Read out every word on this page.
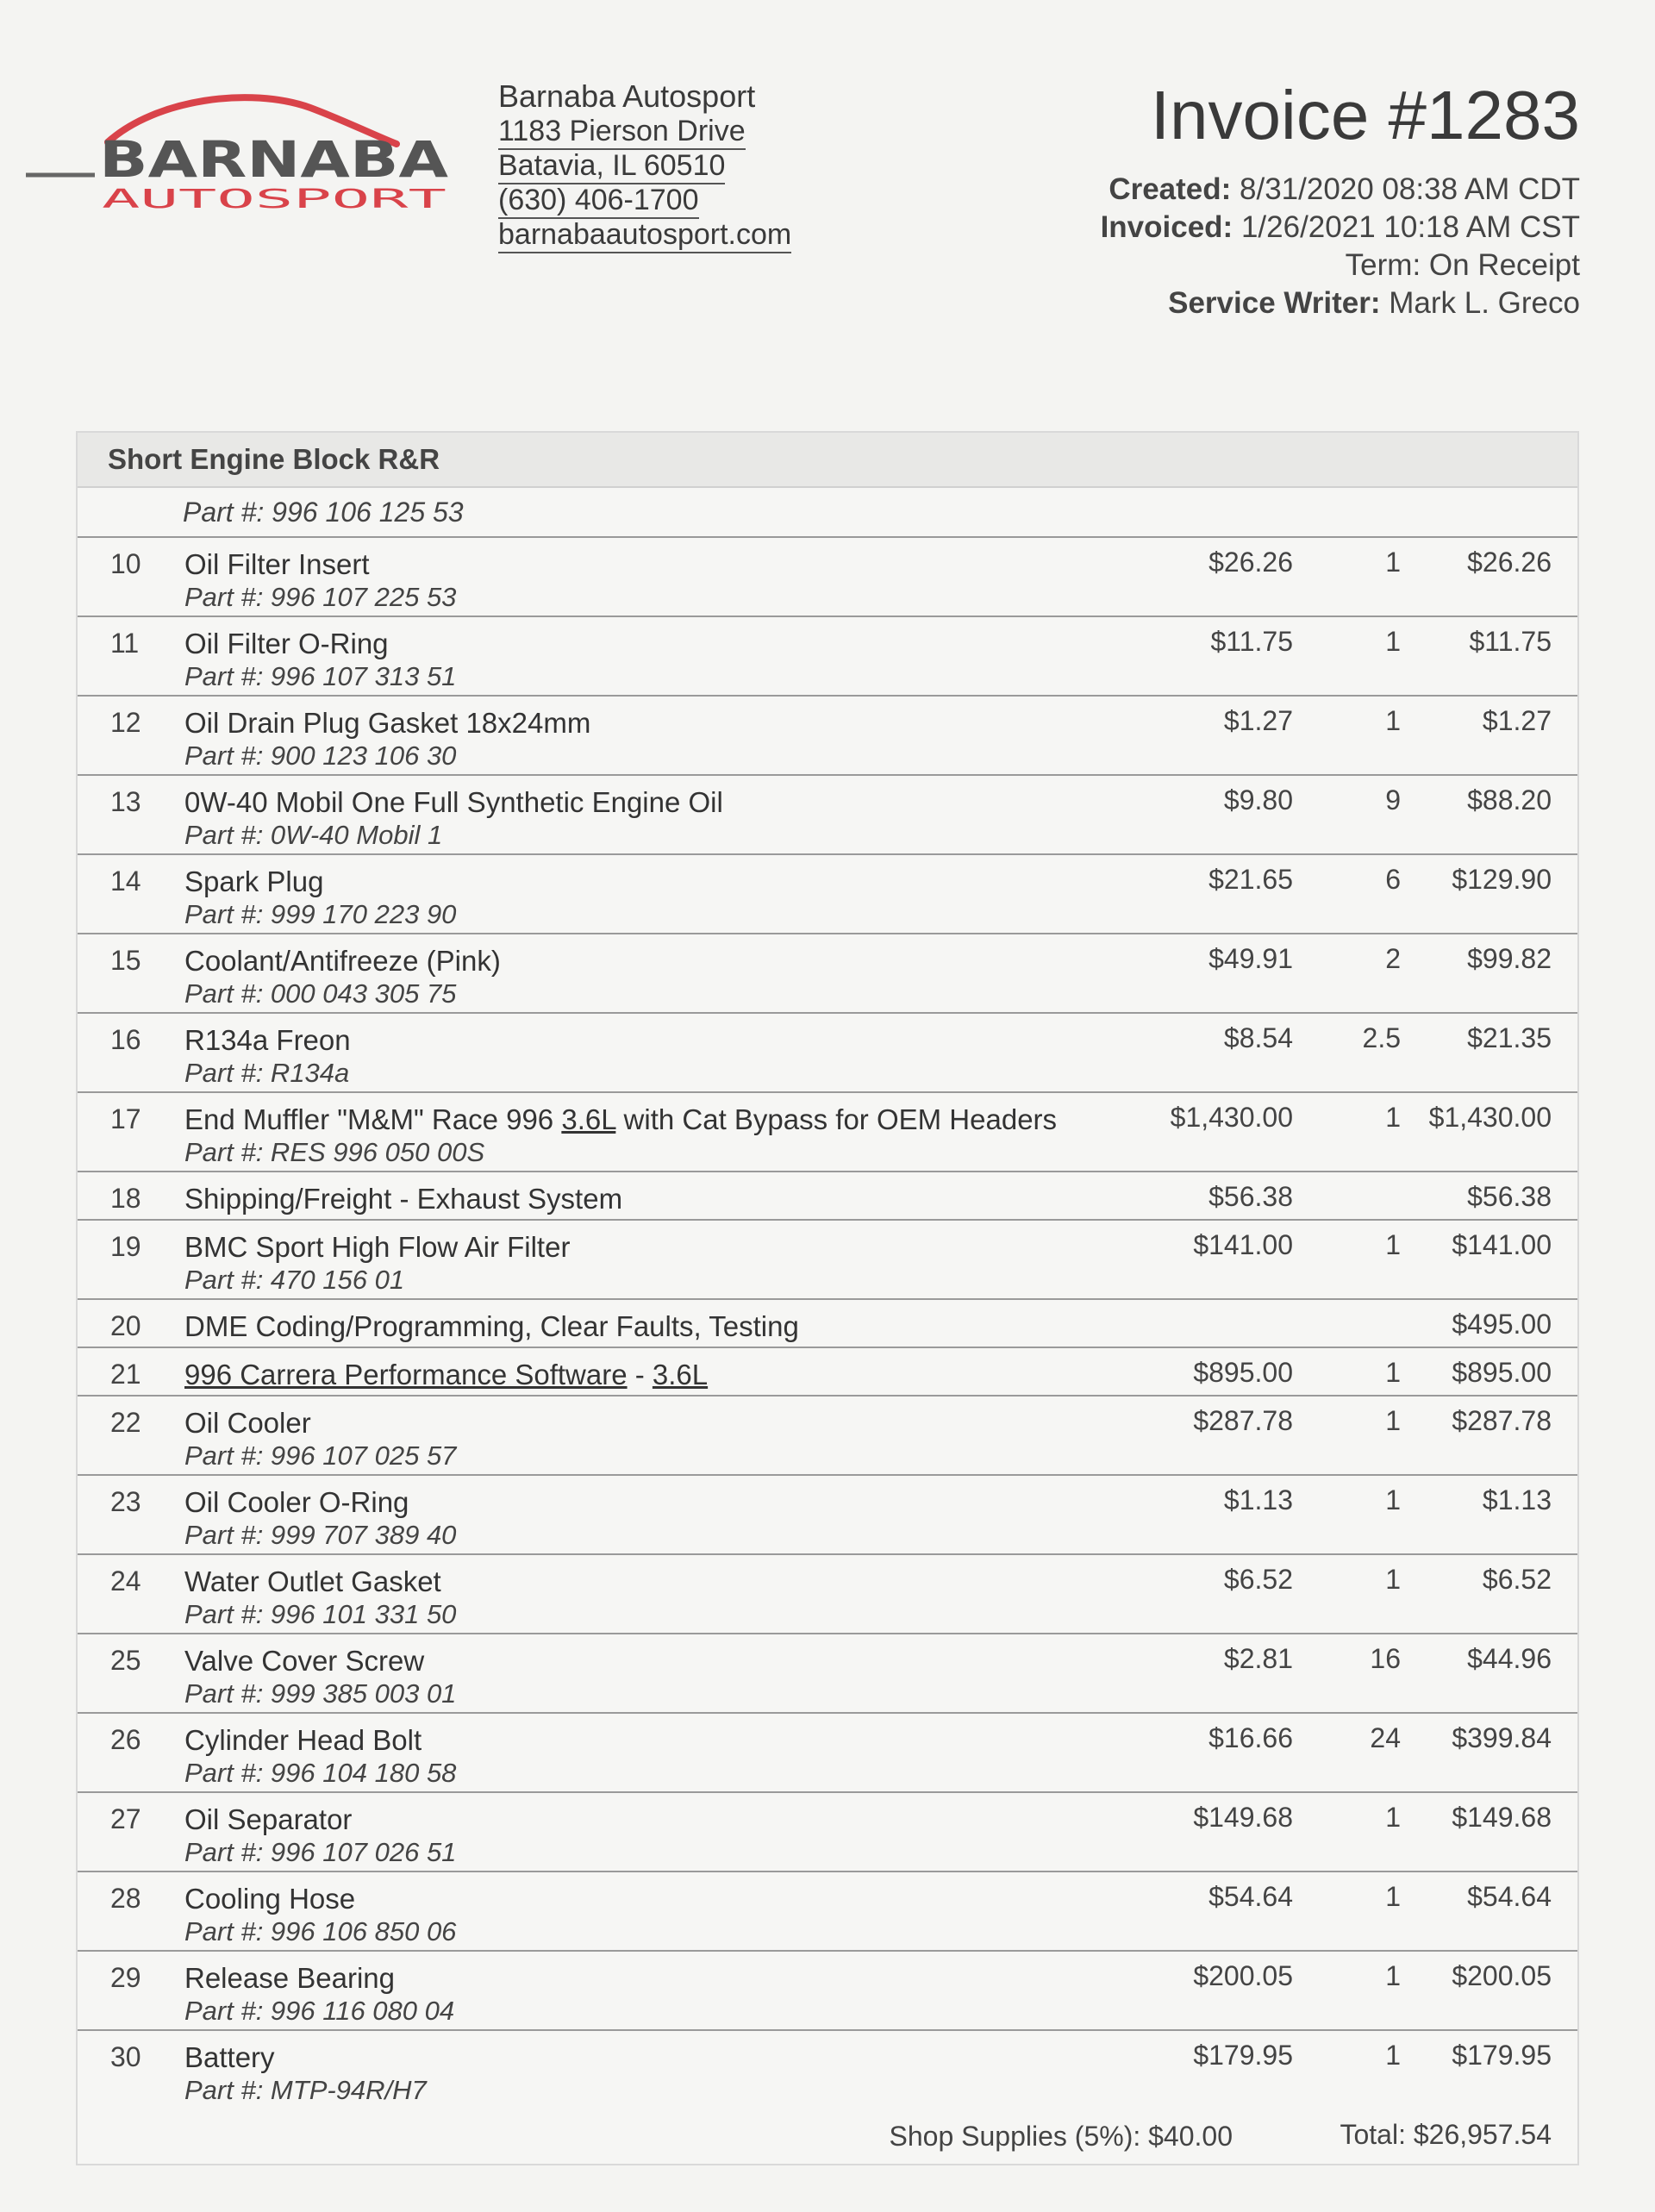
BARNABA
AUTOSPORT
Barnaba Autosport
1183 Pierson Drive
Batavia, IL 60510
(630) 406-1700
barnabaautosport.com
Invoice #1283
Created: 8/31/2020 08:38 AM CDT
Invoiced: 1/26/2021 10:18 AM CST
Term: On Receipt
Service Writer: Mark L. Greco
Short Engine Block R&R
Part #: 996 106 125 53
10 Oil Filter Insert
Part #: 996 107 225 53
$26.26	1 $26.26
11 Oil Filter O-Ring
Part #: 996 107 313 51
$11.75	1 $11.75
12 Oil Drain Plug Gasket 18x24mm
Part #: 900 123 106 30
$1.27	1	$1.27
13 0W-40 Mobil One Full Synthetic Engine Oil
Part #: 0W-40 Mobil 1
$9.80	9 $88.20
14 Spark Plug
Part #: 999 170 223 90
$21.65	6 $129.90
15 Coolant/Antifreeze (Pink)
Part #: 000 043 305 75
$49.91	2 $99.82
16 R134a Freon
Part #: R134a
$8.54	2.5 $21.35
17 End Muffler "M&M" Race 996 3.6L with Cat Bypass for OEM Headers
Part #: RES 996 050 00S
$1,430.00	1 $1,430.00
18 Shipping/Freight - Exhaust System	$56.38	$56.38
19 BMC Sport High Flow Air Filter
Part #: 470 156 01
$141.00	1 $141.00
20 DME Coding/Programming, Clear Faults, Testing	$495.00
21 996 Carrera Performance Software - 3.6L	$895.00	1 $895.00
22 Oil Cooler
Part #: 996 107 025 57
$287.78	1 $287.78
23 Oil Cooler O-Ring
Part #: 999 707 389 40
$1.13	1	$1.13
24 Water Outlet Gasket
Part #: 996 101 331 50
$6.52	1	$6.52
25 Valve Cover Screw
Part #: 999 385 003 01
$2.81	16 $44.96
26 Cylinder Head Bolt
Part #: 996 104 180 58
$16.66	24 $399.84
27 Oil Separator
Part #: 996 107 026 51
$149.68	1 $149.68
28 Cooling Hose
Part #: 996 106 850 06
$54.64	1 $54.64
29 Release Bearing
Part #: 996 116 080 04
$200.05	1 $200.05
30 Battery
Part #: MTP-94R/H7
$179.95	1 $179.95
Shop Supplies (5%): $40.00	Total: $26,957.54
